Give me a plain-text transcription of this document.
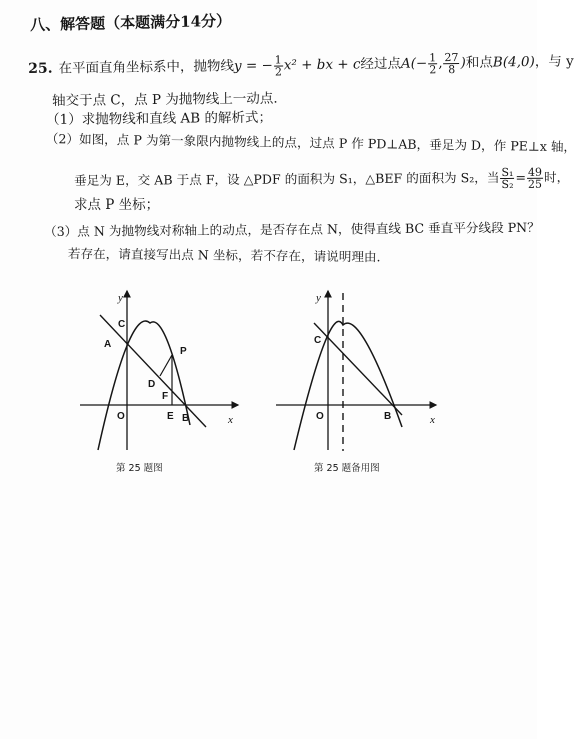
八、解答题（本题满分14分）
25. 在平面直角坐标系中，抛物线y = − $\frac{1}{2} x^2$ + bx + c经过点$A(- \frac{1}{2}$ , $\frac{27}{8}$ )和点B(4,0)，与 y
轴交于点 C，点 P 为抛物线上一动点.
（1）求抛物线和直线 AB 的解析式；
（2）如图，点 P 为第一象限内抛物线上的点，过点 P 作 PD⊥AB，垂足为 D，作 PE⊥x 轴，
垂足为 E，交 AB 于点 F，设 △PDF 的面积为 S₁，△BEF 的面积为 S₂，当 $\frac{\text{S₁}}{\text{S₂}} = \frac{49}{25}$ 时，
求点 P 坐标；
（3）点 N 为抛物线对称轴上的动点，是否存在点 N，使得直线 BC 垂直平分线段 PN？
若存在，请直接写出点 N 坐标，若不存在，请说明理由.
y
x
O
A
C
P
D
F
E B
第 25 题图
y
x
O
C
B
第 25 题备用图
